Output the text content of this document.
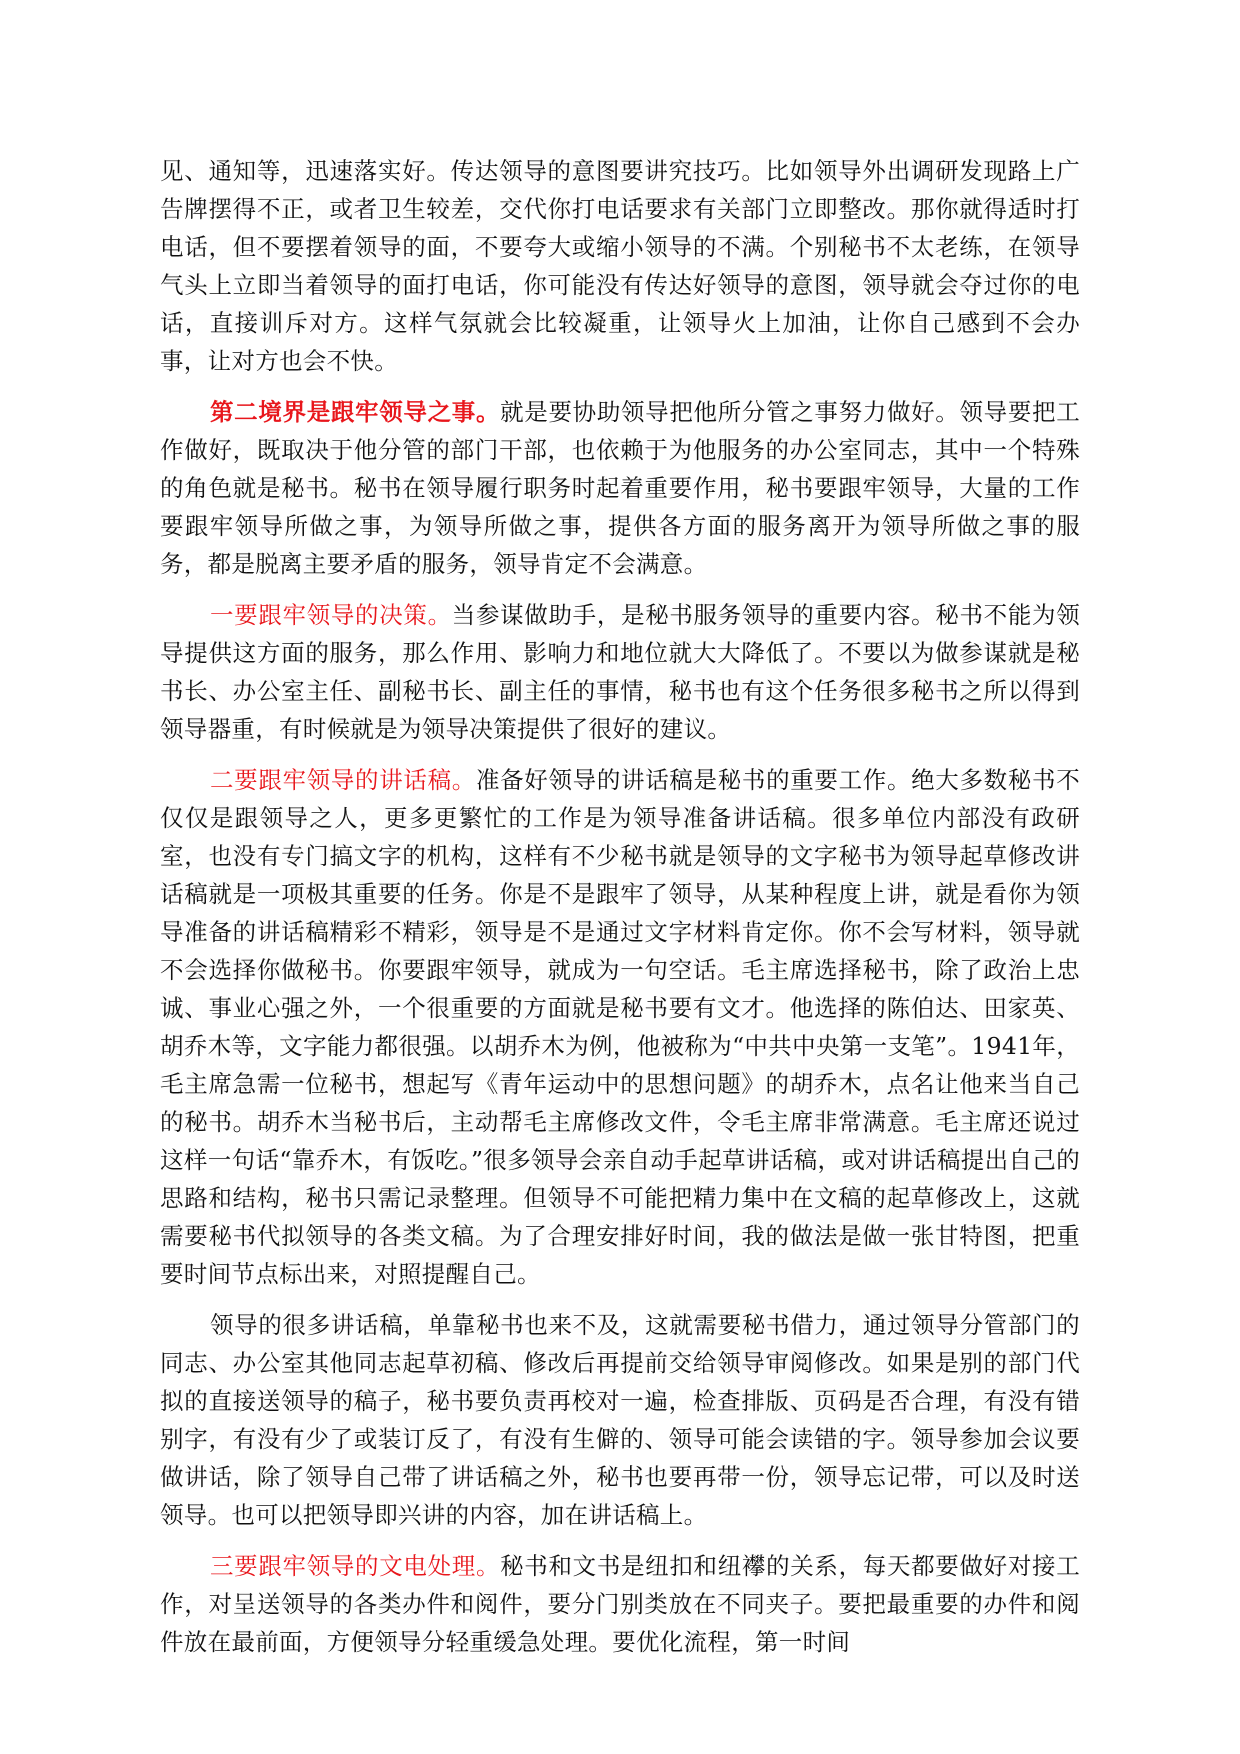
见、通知等，迅速落实好。传达领导的意图要讲究技巧。比如领导外出调研发现路上广告牌摆得不正，或者卫生较差，交代你打电话要求有关部门立即整改。那你就得适时打电话，但不要摆着领导的面，不要夸大或缩小领导的不满。个别秘书不太老练，在领导气头上立即当着领导的面打电话，你可能没有传达好领导的意图，领导就会夺过你的电话，直接训斥对方。这样气氛就会比较凝重，让领导火上加油，让你自己感到不会办事，让对方也会不快。

第二境界是跟牢领导之事。就是要协助领导把他所分管之事努力做好。领导要把工作做好，既取决于他分管的部门干部，也依赖于为他服务的办公室同志，其中一个特殊的角色就是秘书。秘书在领导履行职务时起着重要作用，秘书要跟牢领导，大量的工作要跟牢领导所做之事，为领导所做之事，提供各方面的服务离开为领导所做之事的服务，都是脱离主要矛盾的服务，领导肯定不会满意。

一要跟牢领导的决策。当参谋做助手，是秘书服务领导的重要内容。秘书不能为领导提供这方面的服务，那么作用、影响力和地位就大大降低了。不要以为做参谋就是秘书长、办公室主任、副秘书长、副主任的事情，秘书也有这个任务很多秘书之所以得到领导器重，有时候就是为领导决策提供了很好的建议。

二要跟牢领导的讲话稿。准备好领导的讲话稿是秘书的重要工作。绝大多数秘书不仅仅是跟领导之人，更多更繁忙的工作是为领导准备讲话稿。很多单位内部没有政研室，也没有专门搞文字的机构，这样有不少秘书就是领导的文字秘书为领导起草修改讲话稿就是一项极其重要的任务。你是不是跟牢了领导，从某种程度上讲，就是看你为领导准备的讲话稿精彩不精彩，领导是不是通过文字材料肯定你。你不会写材料，领导就不会选择你做秘书。你要跟牢领导，就成为一句空话。毛主席选择秘书，除了政治上忠诚、事业心强之外，一个很重要的方面就是秘书要有文才。他选择的陈伯达、田家英、胡乔木等，文字能力都很强。以胡乔木为例，他被称为“中共中央第一支笔”。1941年，毛主席急需一位秘书，想起写《青年运动中的思想问题》的胡乔木，点名让他来当自己的秘书。胡乔木当秘书后，主动帮毛主席修改文件，令毛主席非常满意。毛主席还说过这样一句话“靠乔木，有饭吃。”很多领导会亲自动手起草讲话稿，或对讲话稿提出自己的思路和结构，秘书只需记录整理。但领导不可能把精力集中在文稿的起草修改上，这就需要秘书代拟领导的各类文稿。为了合理安排好时间，我的做法是做一张甘特图，把重要时间节点标出来，对照提醒自己。

领导的很多讲话稿，单靠秘书也来不及，这就需要秘书借力，通过领导分管部门的同志、办公室其他同志起草初稿、修改后再提前交给领导审阅修改。如果是别的部门代拟的直接送领导的稿子，秘书要负责再校对一遍，检查排版、页码是否合理，有没有错别字，有没有少了或装订反了，有没有生僻的、领导可能会读错的字。领导参加会议要做讲话，除了领导自己带了讲话稿之外，秘书也要再带一份，领导忘记带，可以及时送领导。也可以把领导即兴讲的内容，加在讲话稿上。

三要跟牢领导的文电处理。秘书和文书是纽扣和纽襻的关系，每天都要做好对接工作，对呈送领导的各类办件和阅件，要分门别类放在不同夹子。要把最重要的办件和阅件放在最前面，方便领导分轻重缓急处理。要优化流程，第一时间
